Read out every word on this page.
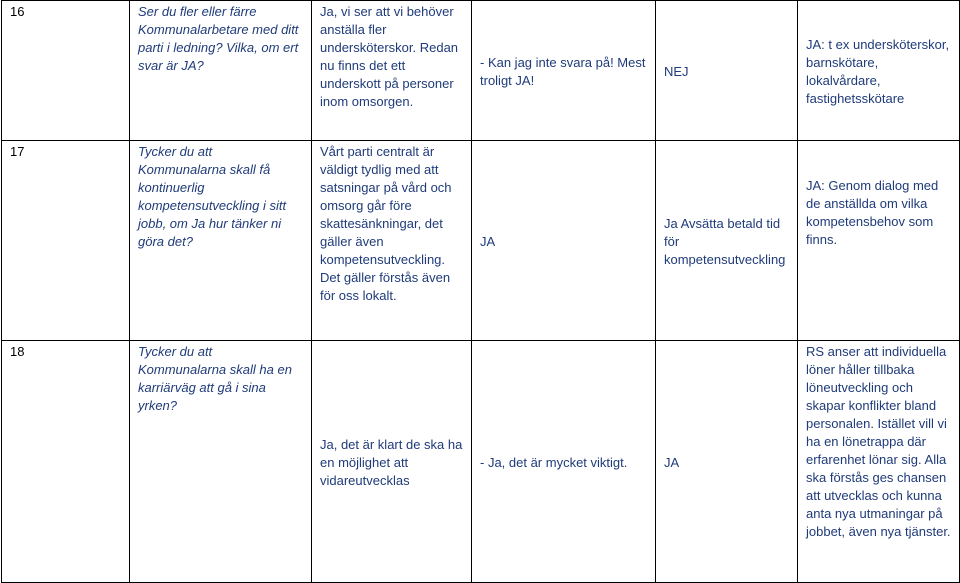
16	Ser du fler eller färre Kommunalarbetare med ditt parti i ledning? Vilka, om ert svar är JA?	Ja, vi ser att vi behöver anställa fler undersköterskor. Redan nu finns det ett underskott på personer inom omsorgen.	- Kan jag inte svara på! Mest troligt JA!	NEJ	JA: t ex undersköterskor, barnskötare, lokalvårdare, fastighetsskötare
17	Tycker du att Kommunalarna skall få kontinuerlig kompetensutveckling i sitt jobb, om Ja hur tänker ni göra det?	Vårt parti centralt är väldigt tydlig med att satsningar på vård och omsorg går före skattesänkningar, det gäller även kompetensutveckling. Det gäller förstås även för oss lokalt.	JA	Ja Avsätta betald tid för kompetensutveckling	JA: Genom dialog med de anställda om vilka kompetensbehov som finns.
18	Tycker du att Kommunalarna skall ha en karriärväg att gå i sina yrken?	Ja, det är klart de ska ha en möjlighet att vidareutvecklas	- Ja, det är mycket viktigt.	JA	RS anser att individuella löner håller tillbaka löneutveckling och skapar konflikter bland personalen. Istället vill vi ha en lönetrappa där erfarenhet lönar sig. Alla ska förstås ges chansen att utvecklas och kunna anta nya utmaningar på jobbet, även nya tjänster.
